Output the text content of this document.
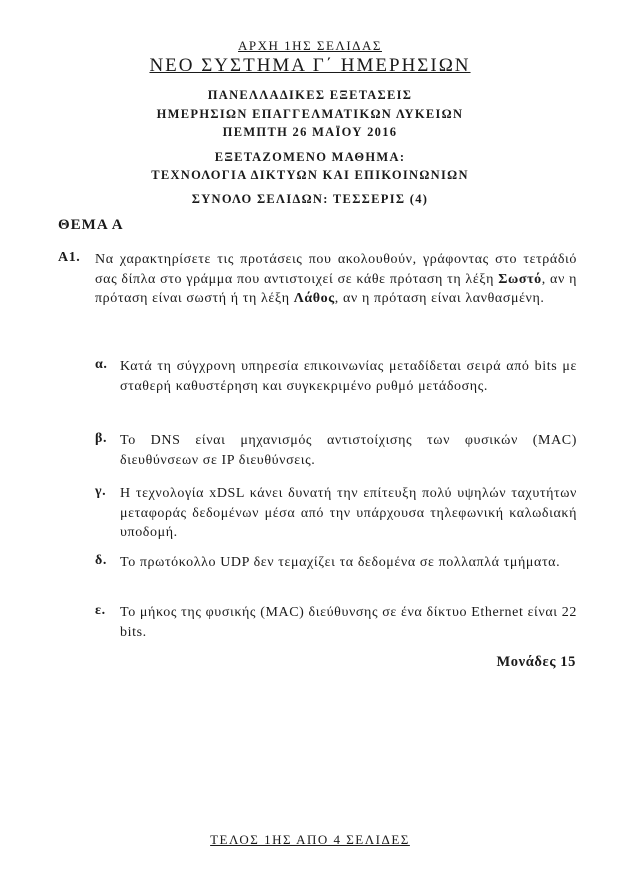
ΑΡΧΗ 1ΗΣ ΣΕΛΙΔΑΣ
ΝΕΟ ΣΥΣΤΗΜΑ Γ΄ ΗΜΕΡΗΣΙΩΝ
ΠΑΝΕΛΛΑΔΙΚΕΣ ΕΞΕΤΑΣΕΙΣ
ΗΜΕΡΗΣΙΩΝ ΕΠΑΓΓΕΛΜΑΤΙΚΩΝ ΛΥΚΕΙΩΝ
ΠΕΜΠΤΗ 26 ΜΑΪΟΥ 2016
ΕΞΕΤΑΖΟΜΕΝΟ ΜΑΘΗΜΑ:
ΤΕΧΝΟΛΟΓΙΑ ΔΙΚΤΥΩΝ ΚΑΙ ΕΠΙΚΟΙΝΩΝΙΩΝ
ΣΥΝΟΛΟ ΣΕΛΙΔΩΝ: ΤΕΣΣΕΡΙΣ (4)
ΘΕΜΑ Α
Α1. Να χαρακτηρίσετε τις προτάσεις που ακολουθούν, γράφοντας στο τετράδιό σας δίπλα στο γράμμα που αντιστοιχεί σε κάθε πρόταση τη λέξη Σωστό, αν η πρόταση είναι σωστή ή τη λέξη Λάθος, αν η πρόταση είναι λανθασμένη.
α. Κατά τη σύγχρονη υπηρεσία επικοινωνίας μεταδίδεται σειρά από bits με σταθερή καθυστέρηση και συγκεκριμένο ρυθμό μετάδοσης.
β. Το DNS είναι μηχανισμός αντιστοίχισης των φυσικών (MAC) διευθύνσεων σε IP διευθύνσεις.
γ. Η τεχνολογία xDSL κάνει δυνατή την επίτευξη πολύ υψηλών ταχυτήτων μεταφοράς δεδομένων μέσα από την υπάρχουσα τηλεφωνική καλωδιακή υποδομή.
δ. Το πρωτόκολλο UDP δεν τεμαχίζει τα δεδομένα σε πολλαπλά τμήματα.
ε. Το μήκος της φυσικής (MAC) διεύθυνσης σε ένα δίκτυο Ethernet είναι 22 bits.
Μονάδες 15
ΤΕΛΟΣ 1ΗΣ ΑΠΟ 4 ΣΕΛΙΔΕΣ
